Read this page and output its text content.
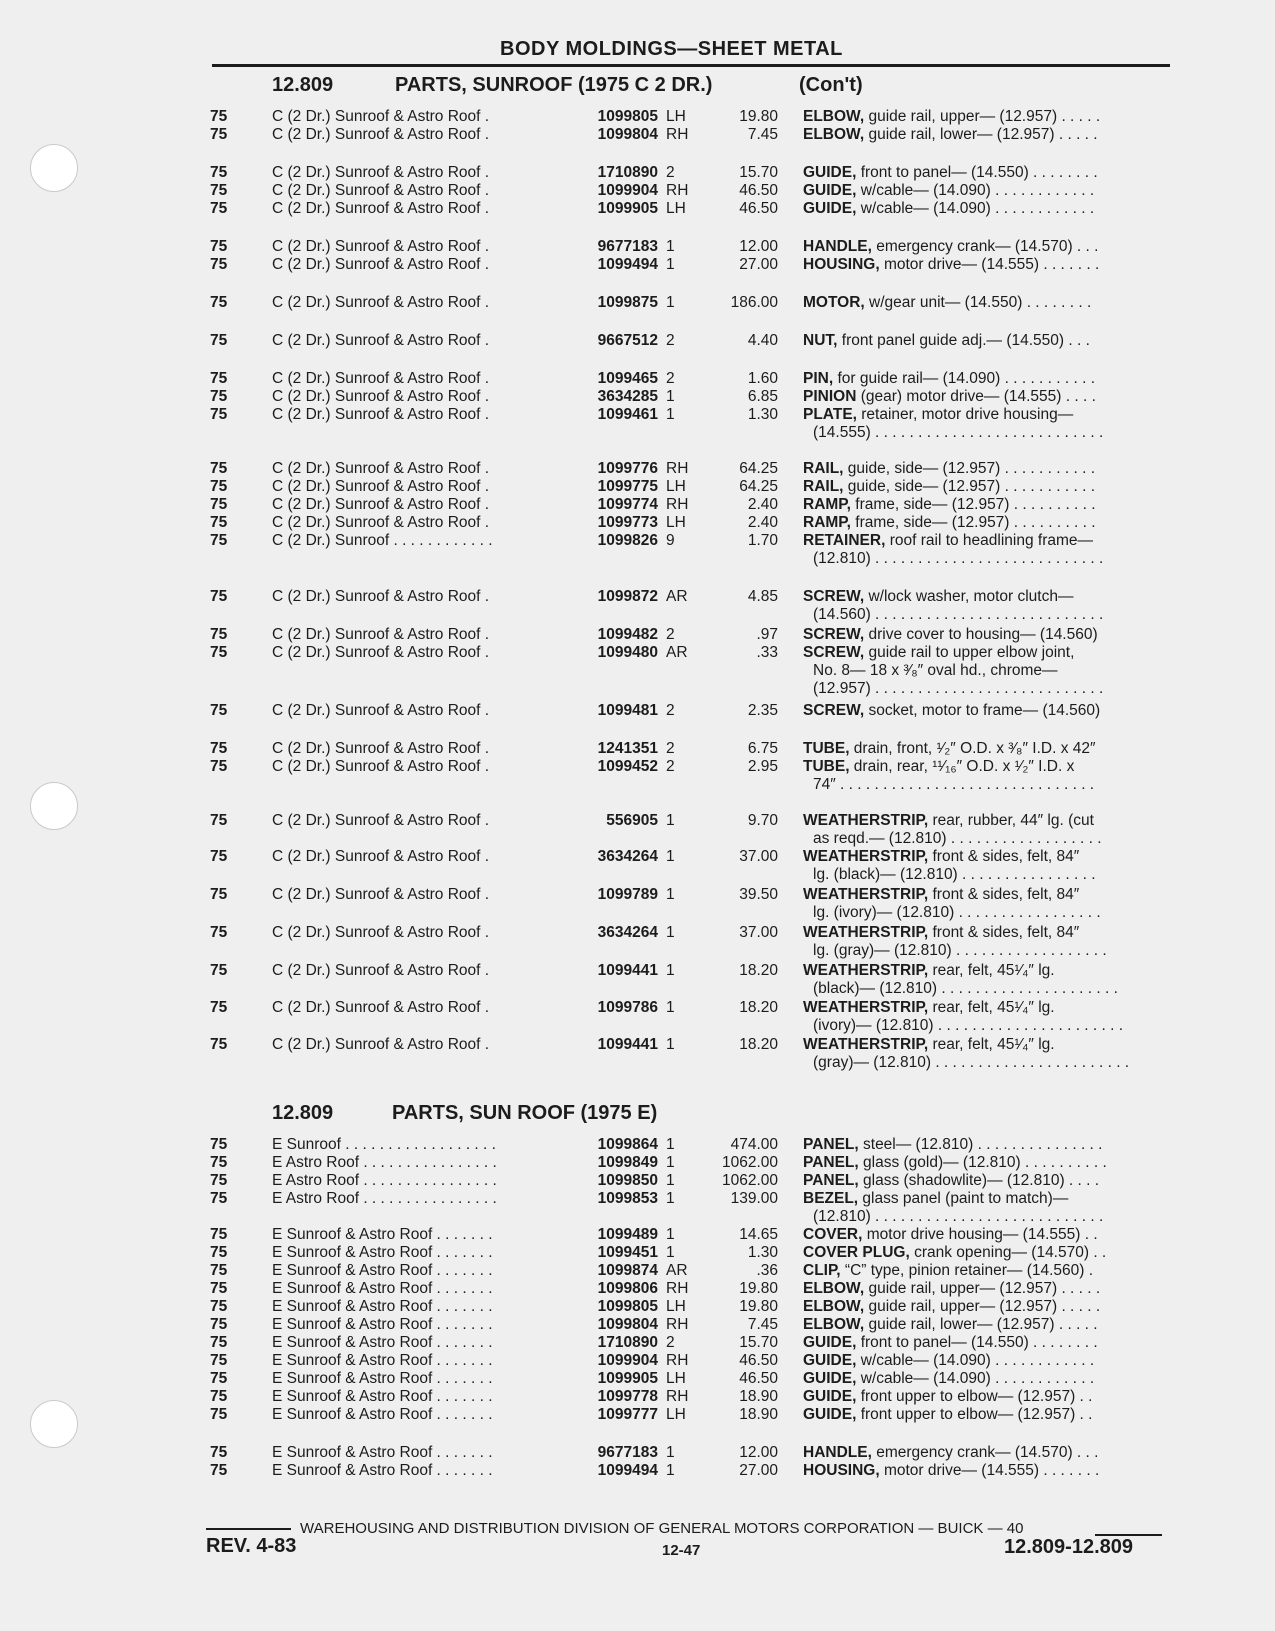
BODY MOLDINGS—SHEET METAL
12.809	PARTS, SUNROOF (1975 C 2 DR.)	(Con't)
75	C (2 Dr.) Sunroof & Astro Roof .	1099805 LH	19.80 ELBOW, guide rail, upper— (12.957) . . . . .
75	C (2 Dr.) Sunroof & Astro Roof .	1099804 RH	7.45 ELBOW, guide rail, lower— (12.957) . . . . .
75	C (2 Dr.) Sunroof & Astro Roof .	1710890 2	15.70 GUIDE, front to panel— (14.550) . . . . . . . .
75	C (2 Dr.) Sunroof & Astro Roof .	1099904 RH	46.50 GUIDE, w/cable— (14.090) . . . . . . . . . . . .
75	C (2 Dr.) Sunroof & Astro Roof .	1099905 LH	46.50 GUIDE, w/cable— (14.090) . . . . . . . . . . . .
75	C (2 Dr.) Sunroof & Astro Roof .	9677183 1	12.00 HANDLE, emergency crank— (14.570) . . .
75	C (2 Dr.) Sunroof & Astro Roof .	1099494 1	27.00 HOUSING, motor drive— (14.555) . . . . . . .
75	C (2 Dr.) Sunroof & Astro Roof .	1099875 1	186.00 MOTOR, w/gear unit— (14.550) . . . . . . . .
75	C (2 Dr.) Sunroof & Astro Roof .	9667512 2	4.40 NUT, front panel guide adj.— (14.550) . . .
75	C (2 Dr.) Sunroof & Astro Roof .	1099465 2	1.60 PIN, for guide rail— (14.090) . . . . . . . . . . .
75	C (2 Dr.) Sunroof & Astro Roof .	3634285 1	6.85 PINION (gear) motor drive— (14.555) . . . .
75	C (2 Dr.) Sunroof & Astro Roof .	1099461 1	1.30 PLATE, retainer, motor drive housing—
(14.555) . . . . . . . . . . . . . . . . . . . . . . . . . . .
75	C (2 Dr.) Sunroof & Astro Roof .	1099776 RH	64.25 RAIL, guide, side— (12.957) . . . . . . . . . . .
75	C (2 Dr.) Sunroof & Astro Roof .	1099775 LH	64.25 RAIL, guide, side— (12.957) . . . . . . . . . . .
75	C (2 Dr.) Sunroof & Astro Roof .	1099774 RH	2.40 RAMP, frame, side— (12.957) . . . . . . . . . .
75	C (2 Dr.) Sunroof & Astro Roof .	1099773 LH	2.40 RAMP, frame, side— (12.957) . . . . . . . . . .
75	C (2 Dr.) Sunroof . . . . . . . . . . . .	1099826 9	1.70 RETAINER, roof rail to headlining frame—
(12.810) . . . . . . . . . . . . . . . . . . . . . . . . . . .
75	C (2 Dr.) Sunroof & Astro Roof .	1099872 AR	4.85 SCREW, w/lock washer, motor clutch—
(14.560) . . . . . . . . . . . . . . . . . . . . . . . . . . .
75	C (2 Dr.) Sunroof & Astro Roof .	1099482 2	.97 SCREW, drive cover to housing— (14.560)
75	C (2 Dr.) Sunroof & Astro Roof .	1099480 AR	.33 SCREW, guide rail to upper elbow joint,
No. 8— 18 x ³⁄₈″ oval hd., chrome—
(12.957) . . . . . . . . . . . . . . . . . . . . . . . . . . .
75	C (2 Dr.) Sunroof & Astro Roof .	1099481 2	2.35 SCREW, socket, motor to frame— (14.560)
75	C (2 Dr.) Sunroof & Astro Roof .	1241351 2	6.75 TUBE, drain, front, ¹⁄₂″ O.D. x ³⁄₈″ I.D. x 42″
75	C (2 Dr.) Sunroof & Astro Roof .	1099452 2	2.95 TUBE, drain, rear, ¹¹⁄₁₆″ O.D. x ¹⁄₂″ I.D. x
74″ . . . . . . . . . . . . . . . . . . . . . . . . . . . . . .
75	C (2 Dr.) Sunroof & Astro Roof .	556905 1	9.70 WEATHERSTRIP, rear, rubber, 44″ lg. (cut
as reqd.— (12.810) . . . . . . . . . . . . . . . . . .
75	C (2 Dr.) Sunroof & Astro Roof .	3634264 1	37.00 WEATHERSTRIP, front & sides, felt, 84″
lg. (black)— (12.810) . . . . . . . . . . . . . . . .
75	C (2 Dr.) Sunroof & Astro Roof .	1099789 1	39.50 WEATHERSTRIP, front & sides, felt, 84″
lg. (ivory)— (12.810) . . . . . . . . . . . . . . . . .
75	C (2 Dr.) Sunroof & Astro Roof .	3634264 1	37.00 WEATHERSTRIP, front & sides, felt, 84″
lg. (gray)— (12.810) . . . . . . . . . . . . . . . . . .
75	C (2 Dr.) Sunroof & Astro Roof .	1099441 1	18.20 WEATHERSTRIP, rear, felt, 45¹⁄₄″ lg.
(black)— (12.810) . . . . . . . . . . . . . . . . . . . . .
75	C (2 Dr.) Sunroof & Astro Roof .	1099786 1	18.20 WEATHERSTRIP, rear, felt, 45¹⁄₄″ lg.
(ivory)— (12.810) . . . . . . . . . . . . . . . . . . . . . .
75	C (2 Dr.) Sunroof & Astro Roof .	1099441 1	18.20 WEATHERSTRIP, rear, felt, 45¹⁄₄″ lg.
(gray)— (12.810) . . . . . . . . . . . . . . . . . . . . . . .
12.809	PARTS, SUN ROOF (1975 E)
75	E Sunroof . . . . . . . . . . . . . . . . . .	1099864 1	474.00 PANEL, steel— (12.810) . . . . . . . . . . . . . . .
75	E Astro Roof . . . . . . . . . . . . . . . .	1099849 1	1062.00 PANEL, glass (gold)— (12.810) . . . . . . . . . .
75	E Astro Roof . . . . . . . . . . . . . . . .	1099850 1	1062.00 PANEL, glass (shadowlite)— (12.810) . . . .
75	E Astro Roof . . . . . . . . . . . . . . . .	1099853 1	139.00 BEZEL, glass panel (paint to match)—
(12.810) . . . . . . . . . . . . . . . . . . . . . . . . . . .
75	E Sunroof & Astro Roof . . . . . . .	1099489 1	14.65 COVER, motor drive housing— (14.555) . .
75	E Sunroof & Astro Roof . . . . . . .	1099451 1	1.30 COVER PLUG, crank opening— (14.570) . .
75	E Sunroof & Astro Roof . . . . . . .	1099874 AR	.36 CLIP, “C” type, pinion retainer— (14.560) .
75	E Sunroof & Astro Roof . . . . . . .	1099806 RH	19.80 ELBOW, guide rail, upper— (12.957) . . . . .
75	E Sunroof & Astro Roof . . . . . . .	1099805 LH	19.80 ELBOW, guide rail, upper— (12.957) . . . . .
75	E Sunroof & Astro Roof . . . . . . .	1099804 RH	7.45 ELBOW, guide rail, lower— (12.957) . . . . .
75	E Sunroof & Astro Roof . . . . . . .	1710890 2	15.70 GUIDE, front to panel— (14.550) . . . . . . . .
75	E Sunroof & Astro Roof . . . . . . .	1099904 RH	46.50 GUIDE, w/cable— (14.090) . . . . . . . . . . . .
75	E Sunroof & Astro Roof . . . . . . .	1099905 LH	46.50 GUIDE, w/cable— (14.090) . . . . . . . . . . . .
75	E Sunroof & Astro Roof . . . . . . .	1099778 RH	18.90 GUIDE, front upper to elbow— (12.957) . .
75	E Sunroof & Astro Roof . . . . . . .	1099777 LH	18.90 GUIDE, front upper to elbow— (12.957) . .
75	E Sunroof & Astro Roof . . . . . . .	9677183 1	12.00 HANDLE, emergency crank— (14.570) . . .
75	E Sunroof & Astro Roof . . . . . . .	1099494 1	27.00 HOUSING, motor drive— (14.555) . . . . . . .
WAREHOUSING AND DISTRIBUTION DIVISION OF GENERAL MOTORS CORPORATION — BUICK — 40
REV. 4-83	12-47	12.809-12.809
